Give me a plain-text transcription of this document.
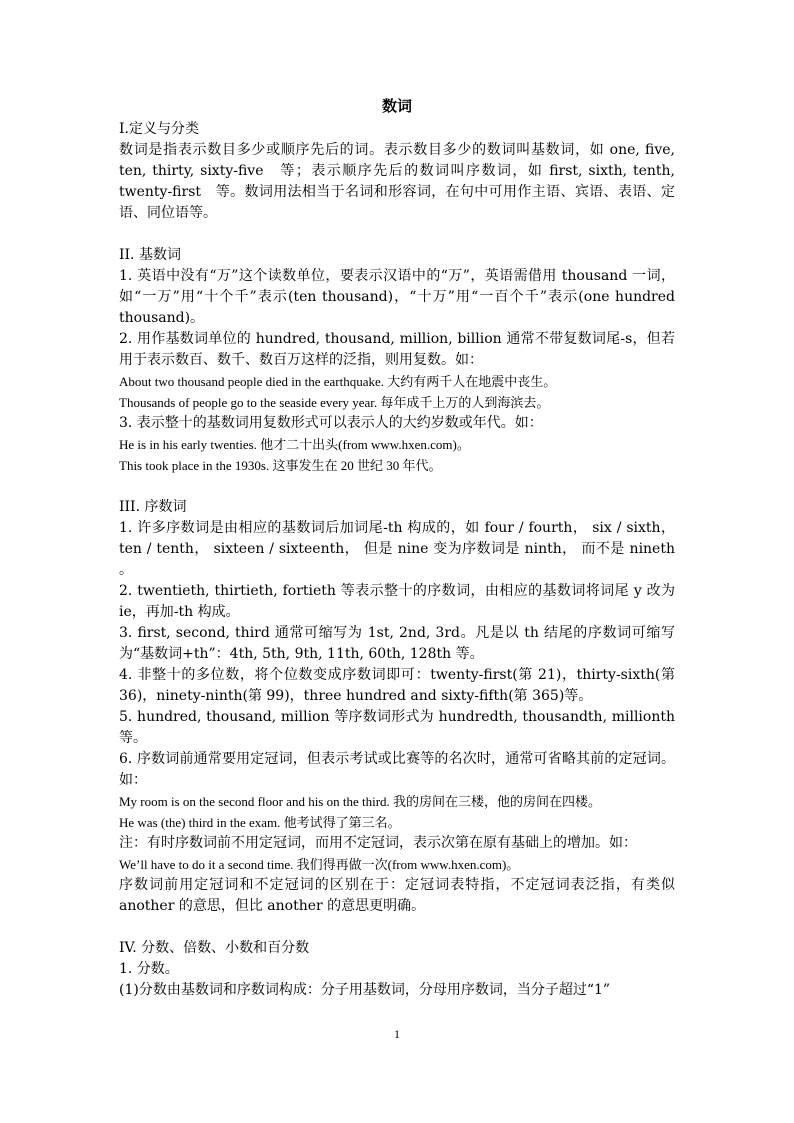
数词

I.定义与分类

数词是指表示数目多少或顺序先后的词。表示数目多少的数词叫基数词，如 one, five, ten, thirty, sixty-five　等；表示顺序先后的数词叫序数词，如 first, sixth, tenth, twenty-first　等。数词用法相当于名词和形容词，在句中可用作主语、宾语、表语、定语、同位语等。

II. 基数词

1. 英语中没有“万”这个读数单位，要表示汉语中的“万”，英语需借用 thousand 一词，如“一万”用“十个千”表示(ten thousand)，“十万”用“一百个千”表示(one hundred thousand)。

2. 用作基数词单位的 hundred, thousand, million, billion 通常不带复数词尾-s，但若用于表示数百、数千、数百万这样的泛指，则用复数。如：

About two thousand people died in the earthquake. 大约有两千人在地震中丧生。

Thousands of people go to the seaside every year. 每年成千上万的人到海滨去。

3. 表示整十的基数词用复数形式可以表示人的大约岁数或年代。如：

He is in his early twenties. 他才二十出头(from www.hxen.com)。

This took place in the 1930s. 这事发生在 20 世纪 30 年代。

III. 序数词

1. 许多序数词是由相应的基数词后加词尾-th 构成的，如 four / fourth， six / sixth， ten / tenth， sixteen / sixteenth， 但是 nine 变为序数词是 ninth， 而不是 nineth 。

2. twentieth, thirtieth, fortieth 等表示整十的序数词，由相应的基数词将词尾 y 改为 ie，再加-th 构成。

3. first, second, third 通常可缩写为 1st, 2nd, 3rd。凡是以 th 结尾的序数词可缩写为“基数词+th”：4th, 5th, 9th, 11th, 60th, 128th 等。

4. 非整十的多位数，将个位数变成序数词即可：twenty-first(第 21)，thirty-sixth(第 36)，ninety-ninth(第 99)，three hundred and sixty-fifth(第 365)等。

5. hundred, thousand, million 等序数词形式为 hundredth, thousandth, millionth 等。

6. 序数词前通常要用定冠词，但表示考试或比赛等的名次时，通常可省略其前的定冠词。如：

My room is on the second floor and his on the third. 我的房间在三楼，他的房间在四楼。

He was (the) third in the exam. 他考试得了第三名。

注：有时序数词前不用定冠词，而用不定冠词，表示次第在原有基础上的增加。如：

We’ll have to do it a second time. 我们得再做一次(from www.hxen.com)。

序数词前用定冠词和不定冠词的区别在于：定冠词表特指，不定冠词表泛指，有类似 another 的意思，但比 another 的意思更明确。

IV. 分数、倍数、小数和百分数

1. 分数。

(1)分数由基数词和序数词构成：分子用基数词，分母用序数词，当分子超过“1”

1
